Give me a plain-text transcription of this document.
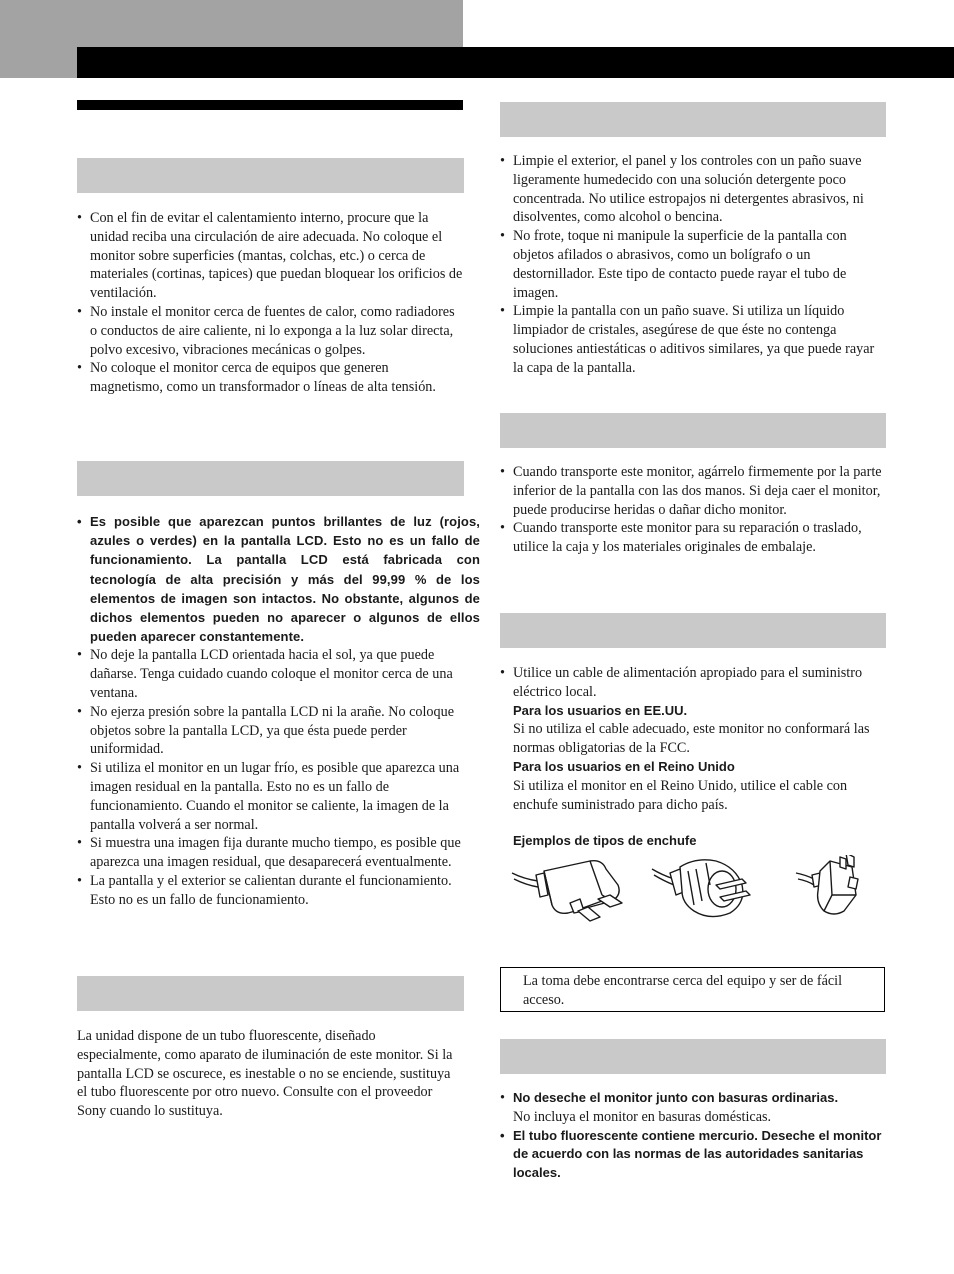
• Con el fin de evitar el calentamiento interno, procure que la unidad reciba una circulación de aire adecuada. No coloque el monitor sobre superficies (mantas, colchas, etc.) o cerca de materiales (cortinas, tapices) que puedan bloquear los orificios de ventilación.
• No instale el monitor cerca de fuentes de calor, como radiadores o conductos de aire caliente, ni lo exponga a la luz solar directa, polvo excesivo, vibraciones mecánicas o golpes.
• No coloque el monitor cerca de equipos que generen magnetismo, como un transformador o líneas de alta tensión.
• Es posible que aparezcan puntos brillantes de luz (rojos, azules o verdes) en la pantalla LCD. Esto no es un fallo de funcionamiento. La pantalla LCD está fabricada con tecnología de alta precisión y más del 99,99 % de los elementos de imagen son intactos. No obstante, algunos de dichos elementos pueden no aparecer o algunos de ellos pueden aparecer constantemente.
• No deje la pantalla LCD orientada hacia el sol, ya que puede dañarse. Tenga cuidado cuando coloque el monitor cerca de una ventana.
• No ejerza presión sobre la pantalla LCD ni la arañe. No coloque objetos sobre la pantalla LCD, ya que ésta puede perder uniformidad.
• Si utiliza el monitor en un lugar frío, es posible que aparezca una imagen residual en la pantalla. Esto no es un fallo de funcionamiento. Cuando el monitor se caliente, la imagen de la pantalla volverá a ser normal.
• Si muestra una imagen fija durante mucho tiempo, es posible que aparezca una imagen residual, que desaparecerá eventualmente.
• La pantalla y el exterior se calientan durante el funcionamiento. Esto no es un fallo de funcionamiento.

La unidad dispone de un tubo fluorescente, diseñado especialmente, como aparato de iluminación de este monitor. Si la pantalla LCD se oscurece, es inestable o no se enciende, sustituya el tubo fluorescente por otro nuevo. Consulte con el proveedor Sony cuando lo sustituya.

• Limpie el exterior, el panel y los controles con un paño suave ligeramente humedecido con una solución detergente poco concentrada. No utilice estropajos ni detergentes abrasivos, ni disolventes, como alcohol o bencina.
• No frote, toque ni manipule la superficie de la pantalla con objetos afilados o abrasivos, como un bolígrafo o un destornillador. Este tipo de contacto puede rayar el tubo de imagen.
• Limpie la pantalla con un paño suave. Si utiliza un líquido limpiador de cristales, asegúrese de que éste no contenga soluciones antiestáticas o aditivos similares, ya que puede rayar la capa de la pantalla.
• Cuando transporte este monitor, agárrelo firmemente por la parte inferior de la pantalla con las dos manos. Si deja caer el monitor, puede producirse heridas o dañar dicho monitor.
• Cuando transporte este monitor para su reparación o traslado, utilice la caja y los materiales originales de embalaje.
• Utilice un cable de alimentación apropiado para el suministro eléctrico local.
Para los usuarios en EE.UU.
Si no utiliza el cable adecuado, este monitor no conformará las normas obligatorias de la FCC.
Para los usuarios en el Reino Unido
Si utiliza el monitor en el Reino Unido, utilice el cable con enchufe suministrado para dicho país.
Ejemplos de tipos de enchufe
La toma debe encontrarse cerca del equipo y ser de fácil acceso.
• No deseche el monitor junto con basuras ordinarias.
No incluya el monitor en basuras domésticas.
• El tubo fluorescente contiene mercurio. Deseche el monitor de acuerdo con las normas de las autoridades sanitarias locales.
